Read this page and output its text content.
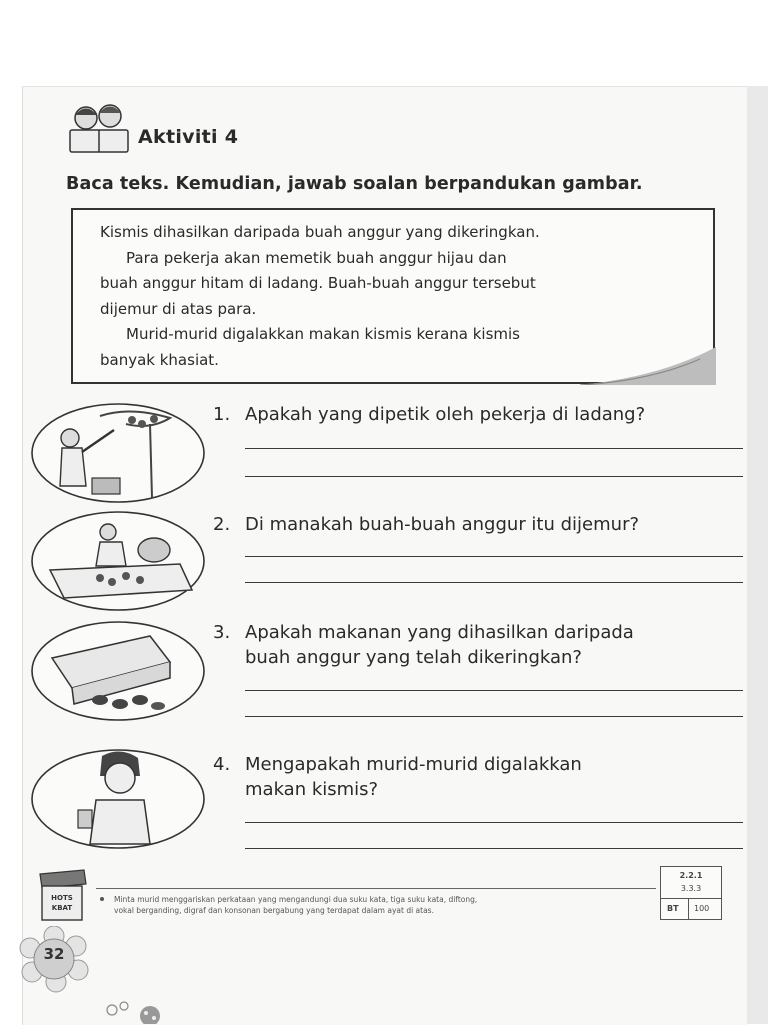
Aktiviti 4
Baca teks. Kemudian, jawab soalan berpandukan gambar.

Kismis dihasilkan daripada buah anggur yang dikeringkan.

Para pekerja akan memetik buah anggur hijau dan

buah anggur hitam di ladang. Buah-buah anggur tersebut

dijemur di atas para.

Murid-murid digalakkan makan kismis kerana kismis

banyak khasiat.

1. Apakah yang dipetik oleh pekerja di ladang?
2. Di manakah buah-buah anggur itu dijemur?
3. Apakah makanan yang dihasilkan daripada
buah anggur yang telah dikeringkan?
4. Mengapakah murid-murid digalakkan
makan kismis?
HOTS
KBAT
Minta murid menggariskan perkataan yang mengandungi dua suku kata, tiga suku kata, diftong,
vokal berganding, digraf dan konsonan bergabung yang terdapat dalam ayat di atas.
2.2.1
3.3.3
BT 100
32
